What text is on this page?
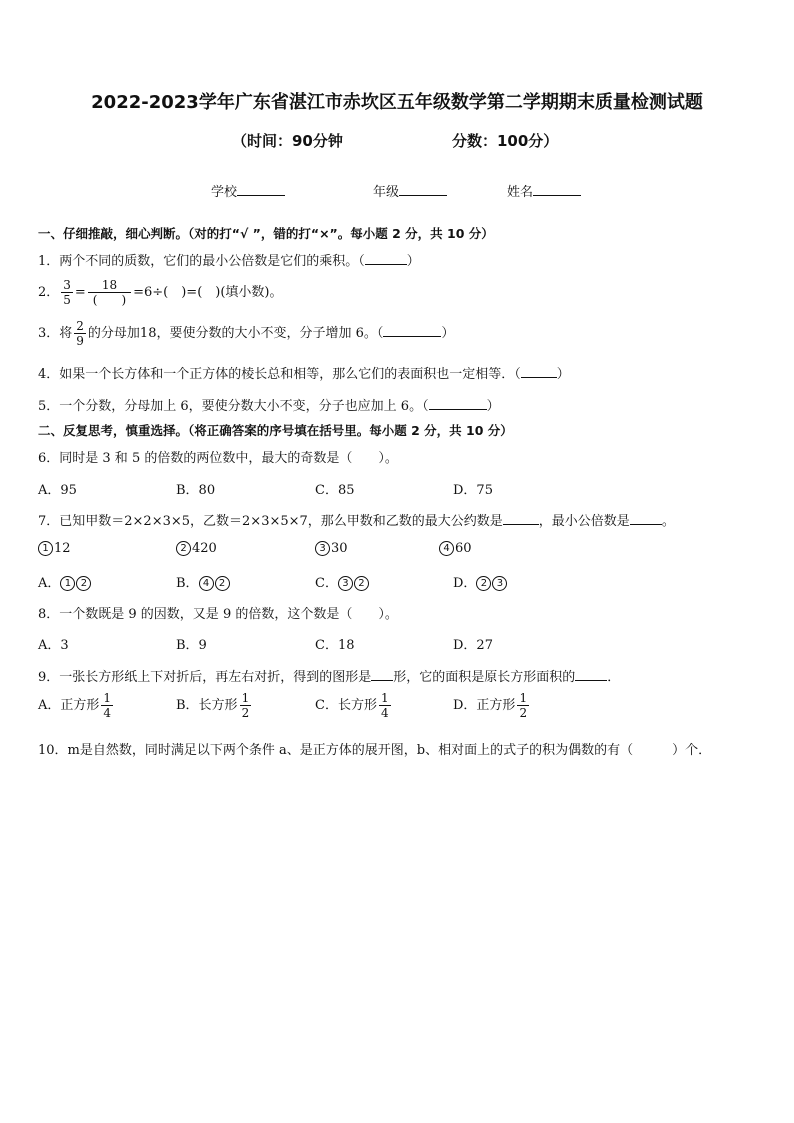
2022-2023学年广东省湛江市赤坎区五年级数学第二学期期末质量检测试题
（时间：90分钟	分数：100分）
学校	年级	姓名
一、仔细推敲，细心判断。（对的打“√ ”，错的打“×”。每小题 2 分，共 10 分）
1．两个不同的质数，它们的最小公倍数是它们的乘积。（	）
2． $\frac{3}{5} = \frac{18}{( )} =6\div$(　)=(　)(填小数)。
3．将 $\frac{2}{9}$ 的分母加18，要使分数的大小不变，分子增加 6。（	）
4．如果一个长方体和一个正方体的棱长总和相等，那么它们的表面积也一定相等．（	）
5．一个分数，分母加上 6，要使分数大小不变，分子也应加上 6。（	）
二、反复思考，慎重选择。（将正确答案的序号填在括号里。每小题 2 分，共 10 分）
6．同时是 3 和 5 的倍数的两位数中，最大的奇数是（　　）。
A．95	B．80	C．85	D．75
7．已知甲数＝2×2×3×5，乙数＝2×3×5×7，那么甲数和乙数的最大公约数是	，最小公倍数是 。
1 12	2 420	3 30	4 60
A． 1 2	B． 4 2	C． 3 2	D． 2 3
8．一个数既是 9 的因数，又是 9 的倍数，这个数是（　　）。
A．3	B．9	C．18	D．27
9．一张长方形纸上下对折后，再左右对折，得到的图形是 形，它的面积是原长方形面积的 ．
A．正方形 $\frac{1}{4}$	B．长方形 $\frac{1}{2}$	C．长方形 $\frac{1}{4}$	D．正方形 $\frac{1}{2}$
10．m是自然数，同时满足以下两个条件 a、是正方体的展开图，b、相对面上的式子的积为偶数的有（　　　）个．
